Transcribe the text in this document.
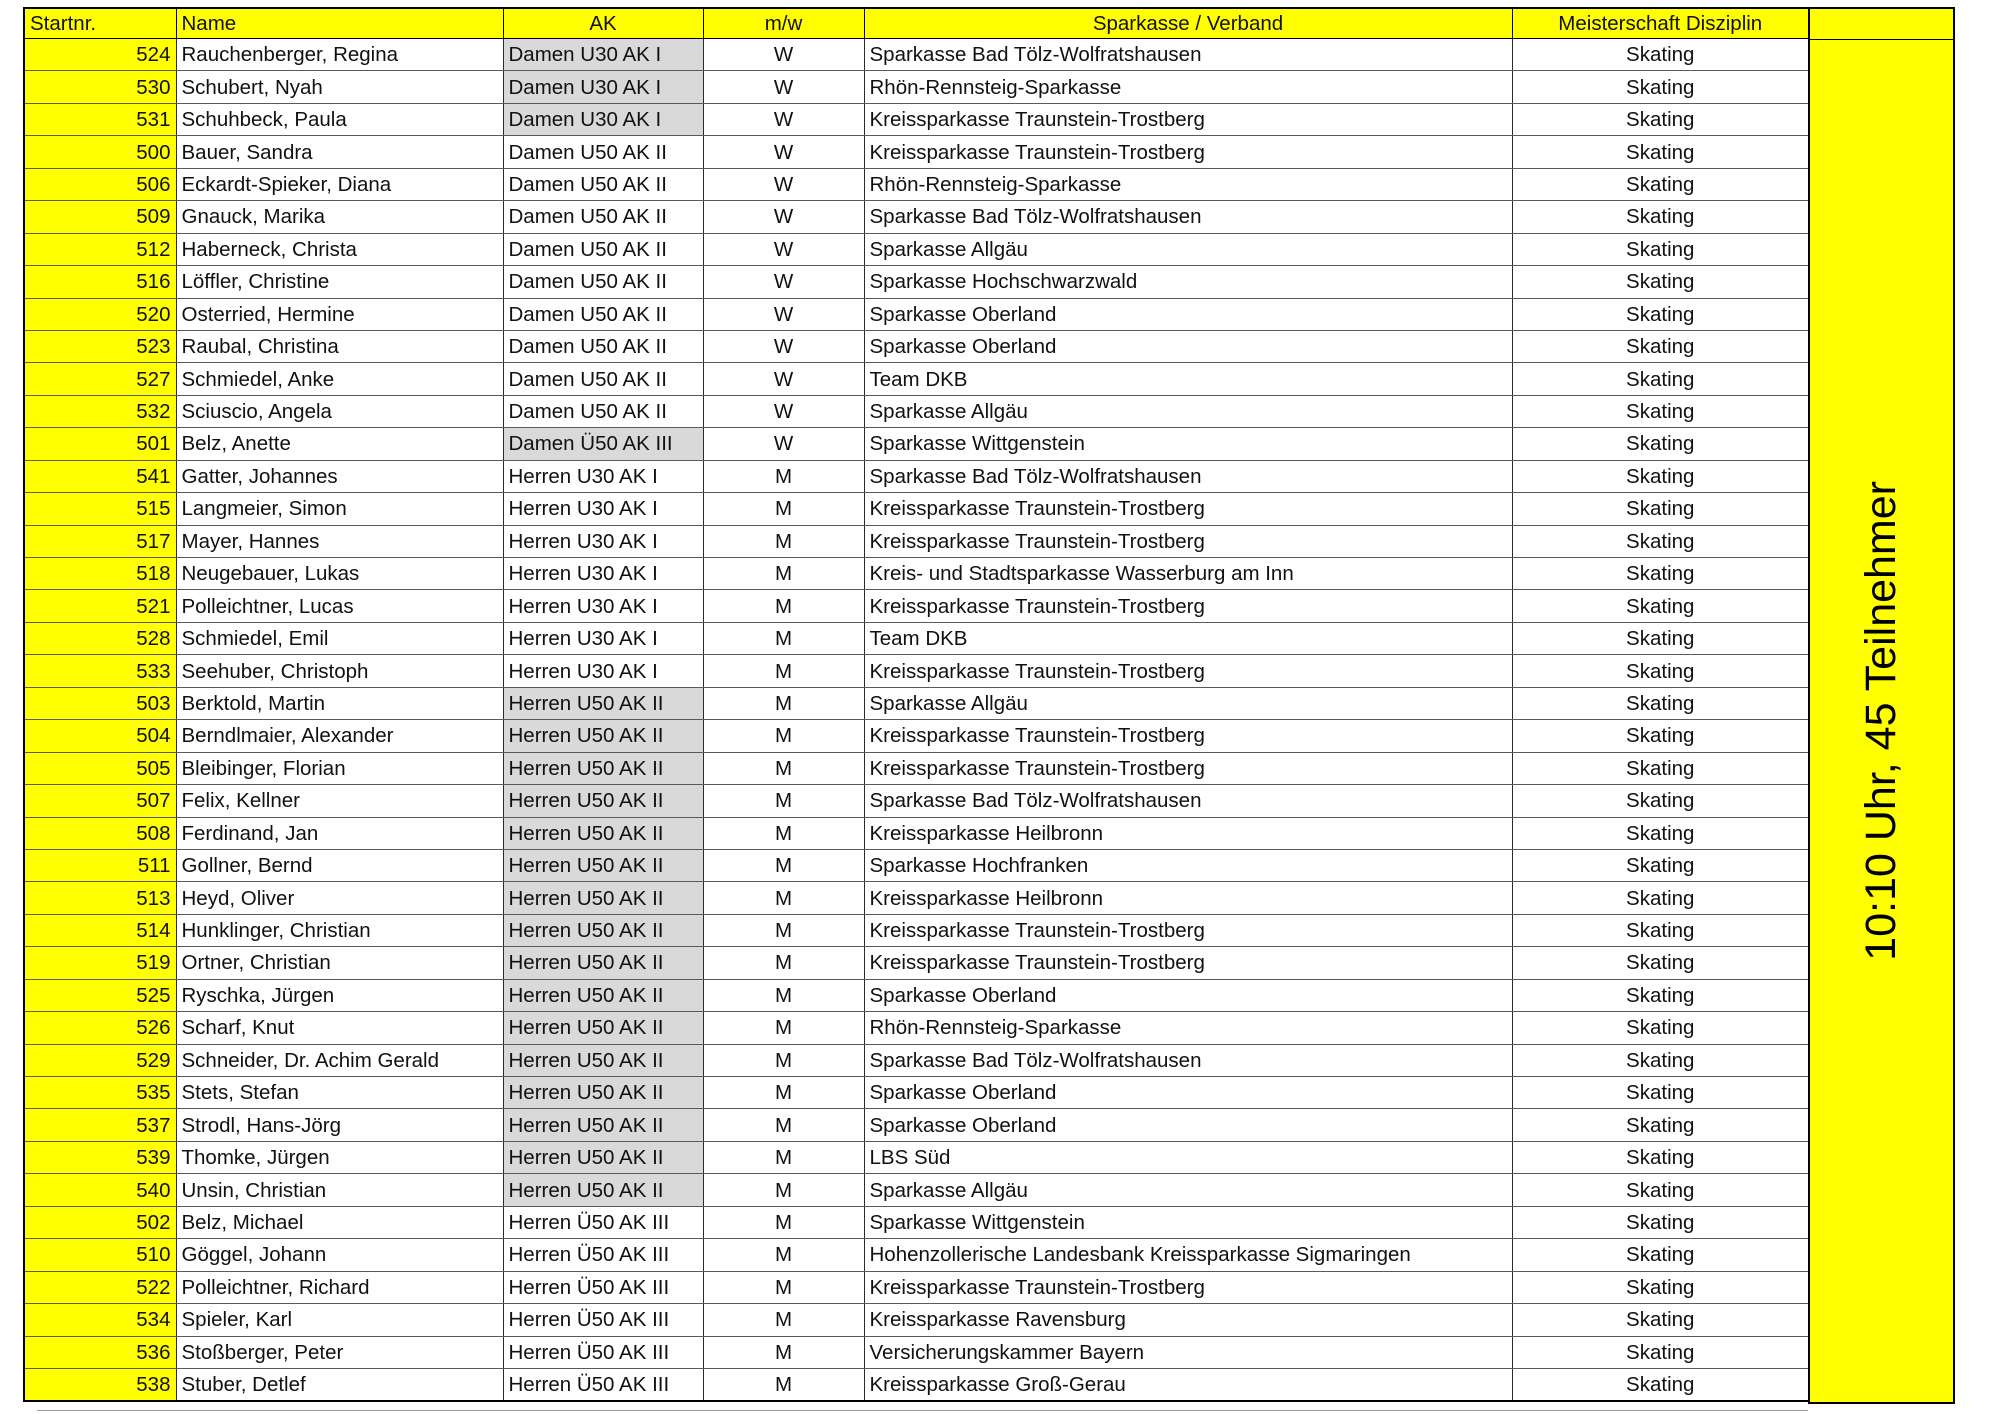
Startnr.	Name	AK	m/w	Sparkasse / Verband	Meisterschaft Disziplin
524	Rauchenberger, Regina	Damen U30 AK I	W	Sparkasse Bad Tölz-Wolfratshausen	Skating
530	Schubert, Nyah	Damen U30 AK I	W	Rhön-Rennsteig-Sparkasse	Skating
531	Schuhbeck, Paula	Damen U30 AK I	W	Kreissparkasse Traunstein-Trostberg	Skating
500	Bauer, Sandra	Damen U50 AK II	W	Kreissparkasse Traunstein-Trostberg	Skating
506	Eckardt-Spieker, Diana	Damen U50 AK II	W	Rhön-Rennsteig-Sparkasse	Skating
509	Gnauck, Marika	Damen U50 AK II	W	Sparkasse Bad Tölz-Wolfratshausen	Skating
512	Haberneck, Christa	Damen U50 AK II	W	Sparkasse Allgäu	Skating
516	Löffler, Christine	Damen U50 AK II	W	Sparkasse Hochschwarzwald	Skating
520	Osterried, Hermine	Damen U50 AK II	W	Sparkasse Oberland	Skating
523	Raubal, Christina	Damen U50 AK II	W	Sparkasse Oberland	Skating
527	Schmiedel, Anke	Damen U50 AK II	W	Team DKB	Skating
532	Sciuscio, Angela	Damen U50 AK II	W	Sparkasse Allgäu	Skating
501	Belz, Anette	Damen Ü50 AK III	W	Sparkasse Wittgenstein	Skating
541	Gatter, Johannes	Herren U30 AK I	M	Sparkasse Bad Tölz-Wolfratshausen	Skating
515	Langmeier, Simon	Herren U30 AK I	M	Kreissparkasse Traunstein-Trostberg	Skating
517	Mayer, Hannes	Herren U30 AK I	M	Kreissparkasse Traunstein-Trostberg	Skating
518	Neugebauer, Lukas	Herren U30 AK I	M	Kreis- und Stadtsparkasse Wasserburg am Inn	Skating
521	Polleichtner, Lucas	Herren U30 AK I	M	Kreissparkasse Traunstein-Trostberg	Skating
528	Schmiedel, Emil	Herren U30 AK I	M	Team DKB	Skating
533	Seehuber, Christoph	Herren U30 AK I	M	Kreissparkasse Traunstein-Trostberg	Skating
503	Berktold, Martin	Herren U50 AK II	M	Sparkasse Allgäu	Skating
504	Berndlmaier, Alexander	Herren U50 AK II	M	Kreissparkasse Traunstein-Trostberg	Skating
505	Bleibinger, Florian	Herren U50 AK II	M	Kreissparkasse Traunstein-Trostberg	Skating
507	Felix, Kellner	Herren U50 AK II	M	Sparkasse Bad Tölz-Wolfratshausen	Skating
508	Ferdinand, Jan	Herren U50 AK II	M	Kreissparkasse Heilbronn	Skating
511	Gollner, Bernd	Herren U50 AK II	M	Sparkasse Hochfranken	Skating
513	Heyd, Oliver	Herren U50 AK II	M	Kreissparkasse Heilbronn	Skating
514	Hunklinger, Christian	Herren U50 AK II	M	Kreissparkasse Traunstein-Trostberg	Skating
519	Ortner, Christian	Herren U50 AK II	M	Kreissparkasse Traunstein-Trostberg	Skating
525	Ryschka, Jürgen	Herren U50 AK II	M	Sparkasse Oberland	Skating
526	Scharf, Knut	Herren U50 AK II	M	Rhön-Rennsteig-Sparkasse	Skating
529	Schneider, Dr. Achim Gerald	Herren U50 AK II	M	Sparkasse Bad Tölz-Wolfratshausen	Skating
535	Stets, Stefan	Herren U50 AK II	M	Sparkasse Oberland	Skating
537	Strodl, Hans-Jörg	Herren U50 AK II	M	Sparkasse Oberland	Skating
539	Thomke, Jürgen	Herren U50 AK II	M	LBS Süd	Skating
540	Unsin, Christian	Herren U50 AK II	M	Sparkasse Allgäu	Skating
502	Belz, Michael	Herren Ü50 AK III	M	Sparkasse Wittgenstein	Skating
510	Göggel, Johann	Herren Ü50 AK III	M	Hohenzollerische Landesbank Kreissparkasse Sigmaringen	Skating
522	Polleichtner, Richard	Herren Ü50 AK III	M	Kreissparkasse Traunstein-Trostberg	Skating
534	Spieler, Karl	Herren Ü50 AK III	M	Kreissparkasse Ravensburg	Skating
536	Stoßberger, Peter	Herren Ü50 AK III	M	Versicherungskammer Bayern	Skating
538	Stuber, Detlef	Herren Ü50 AK III	M	Kreissparkasse Groß-Gerau	Skating
10:10 Uhr, 45 Teilnehmer
